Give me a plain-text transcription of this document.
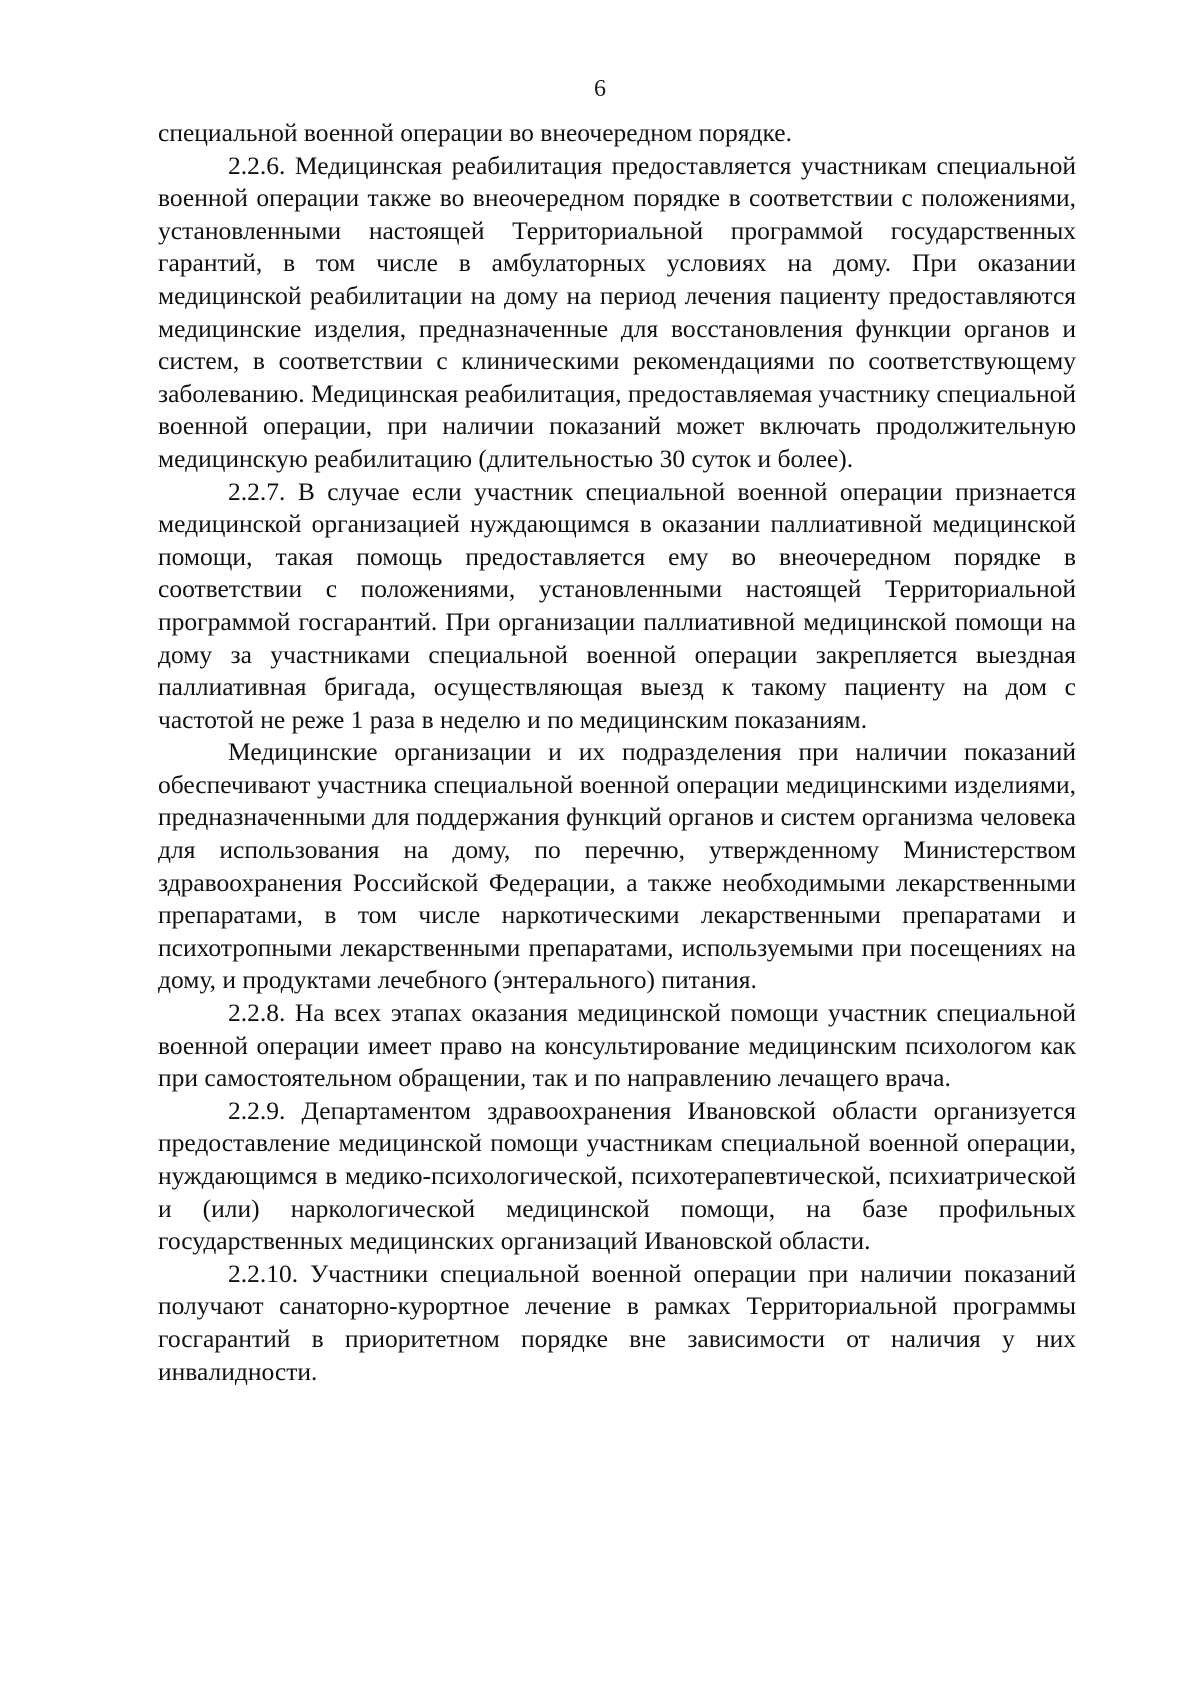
6

специальной военной операции во внеочередном порядке.

2.2.6. Медицинская реабилитация предоставляется участникам специальной военной операции также во внеочередном порядке в соответствии с положениями, установленными настоящей Территориальной программой государственных гарантий, в том числе в амбулаторных условиях на дому. При оказании медицинской реабилитации на дому на период лечения пациенту предоставляются медицинские изделия, предназначенные для восстановления функции органов и систем, в соответствии с клиническими рекомендациями по соответствующему заболеванию. Медицинская реабилитация, предоставляемая участнику специальной военной операции, при наличии показаний может включать продолжительную медицинскую реабилитацию (длительностью 30 суток и более).

2.2.7. В случае если участник специальной военной операции признается медицинской организацией нуждающимся в оказании паллиативной медицинской помощи, такая помощь предоставляется ему во внеочередном порядке в соответствии с положениями, установленными настоящей Территориальной программой госгарантий. При организации паллиативной медицинской помощи на дому за участниками специальной военной операции закрепляется выездная паллиативная бригада, осуществляющая выезд к такому пациенту на дом с частотой не реже 1 раза в неделю и по медицинским показаниям.

Медицинские организации и их подразделения при наличии показаний обеспечивают участника специальной военной операции медицинскими изделиями, предназначенными для поддержания функций органов и систем организма человека для использования на дому, по перечню, утвержденному Министерством здравоохранения Российской Федерации, а также необходимыми лекарственными препаратами, в том числе наркотическими лекарственными препаратами и психотропными лекарственными препаратами, используемыми при посещениях на дому, и продуктами лечебного (энтерального) питания.

2.2.8. На всех этапах оказания медицинской помощи участник специальной военной операции имеет право на консультирование медицинским психологом как при самостоятельном обращении, так и по направлению лечащего врача.

2.2.9. Департаментом здравоохранения Ивановской области организуется предоставление медицинской помощи участникам специальной военной операции, нуждающимся в медико-психологической, психотерапевтической, психиатрической и (или) наркологической медицинской помощи, на базе профильных государственных медицинских организаций Ивановской области.

2.2.10. Участники специальной военной операции при наличии показаний получают санаторно-курортное лечение в рамках Территориальной программы госгарантий в приоритетном порядке вне зависимости от наличия у них инвалидности.
